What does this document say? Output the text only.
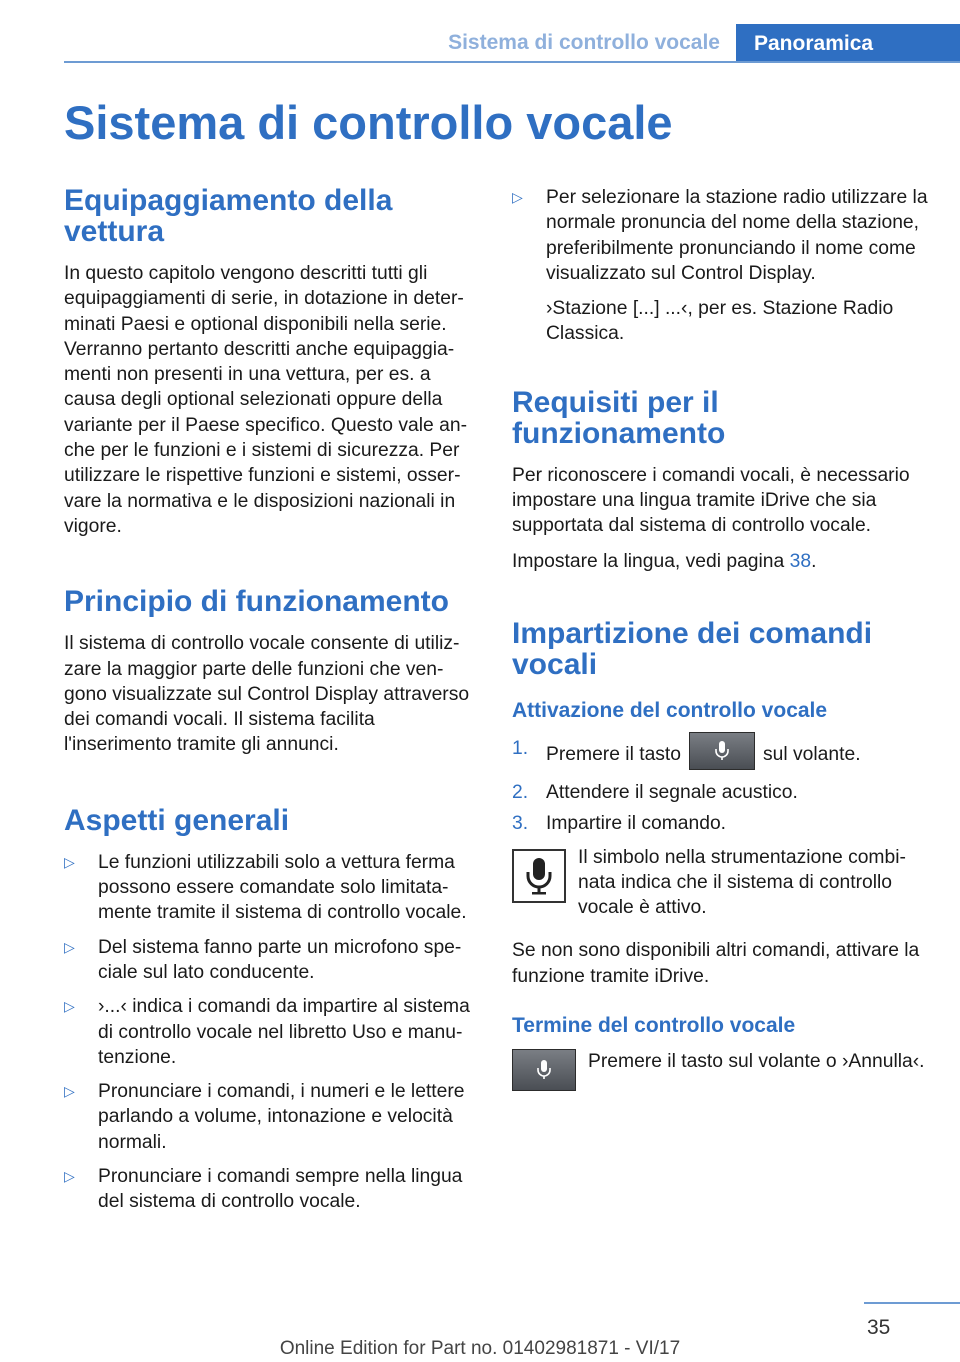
Sistema di controllo vocale	Panoramica
Sistema di controllo vocale
Equipaggiamento della vettura

In questo capitolo vengono descritti tutti gli equipaggiamenti di serie, in dotazione in determinati Paesi e optional disponibili nella serie. Verranno pertanto descritti anche equipaggiamenti non presenti in una vettura, per es. a causa degli optional selezionati oppure della variante per il Paese specifico. Questo vale anche per le funzioni e i sistemi di sicurezza. Per utilizzare le rispettive funzioni e sistemi, osservare la normativa e le disposizioni nazionali in vigore.

Principio di funzionamento

Il sistema di controllo vocale consente di utilizzare la maggior parte delle funzioni che vengono visualizzate sul Control Display attraverso dei comandi vocali. Il sistema facilita l'inserimento tramite gli annunci.

Aspetti generali
▷ Le funzioni utilizzabili solo a vettura ferma possono essere comandate solo limitatamente tramite il sistema di controllo vocale.
▷ Del sistema fanno parte un microfono speciale sul lato conducente.
▷ ›...‹ indica i comandi da impartire al sistema di controllo vocale nel libretto Uso e manutenzione.
▷ Pronunciare i comandi, i numeri e le lettere parlando a volume, intonazione e velocità normali.
▷ Pronunciare i comandi sempre nella lingua del sistema di controllo vocale.
▷ Per selezionare la stazione radio utilizzare la normale pronuncia del nome della stazione, preferibilmente pronunciando il nome come visualizzato sul Control Display.

›Stazione [...] ...‹, per es. Stazione Radio Classica.

Requisiti per il funzionamento

Per riconoscere i comandi vocali, è necessario impostare una lingua tramite iDrive che sia supportata dal sistema di controllo vocale.

Impostare la lingua, vedi pagina 38.

Impartizione dei comandi vocali
Attivazione del controllo vocale
1. Premere il tasto	sul volante.
2. Attendere il segnale acustico.
3. Impartire il comando.

Il simbolo nella strumentazione combinata indica che il sistema di controllo vocale è attivo.

Se non sono disponibili altri comandi, attivare la funzione tramite iDrive.

Termine del controllo vocale

Premere il tasto sul volante o ›Annulla‹.

35
Online Edition for Part no. 01402981871 - VI/17
